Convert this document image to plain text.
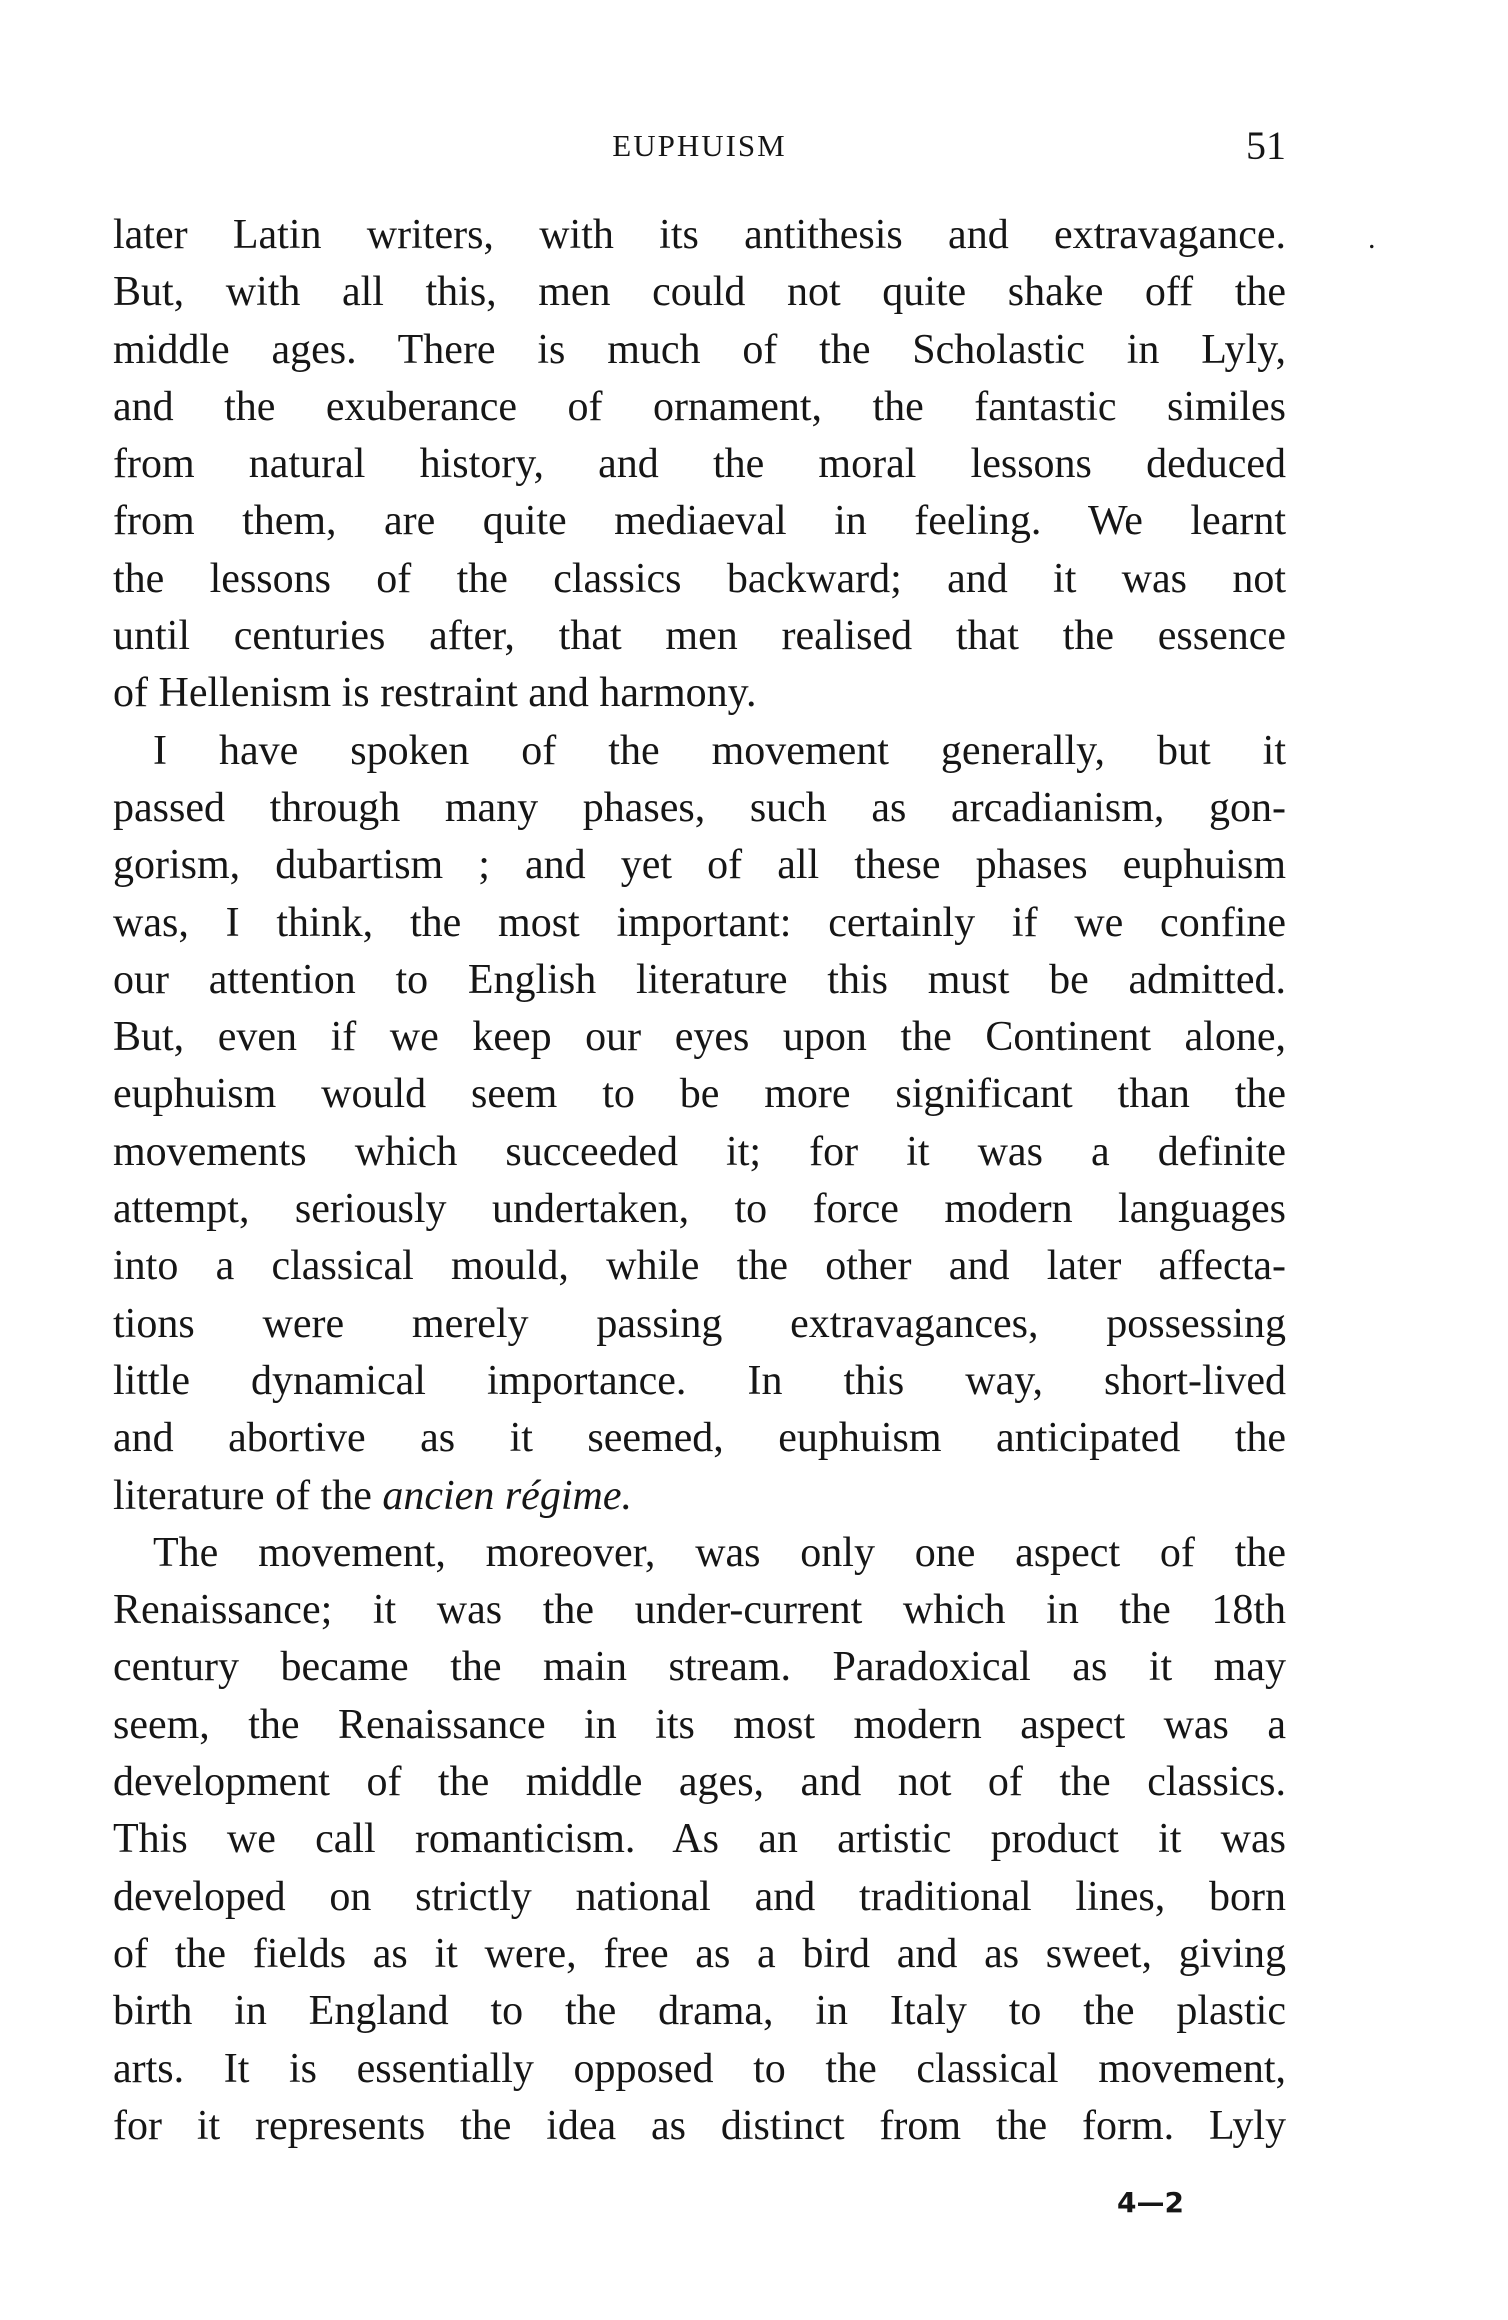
EUPHUISM	51
.
later Latin writers, with its antithesis and extravagance.
But, with all this, men could not quite shake off the
middle ages. There is much of the Scholastic in Lyly,
and the exuberance of ornament, the fantastic similes
from natural history, and the moral lessons deduced
from them, are quite mediaeval in feeling. We learnt
the lessons of the classics backward; and it was not
until centuries after, that men realised that the essence
of Hellenism is restraint and harmony.
I have spoken of the movement generally, but it
passed through many phases, such as arcadianism, gon-
gorism, dubartism ; and yet of all these phases euphuism
was, I think, the most important: certainly if we confine
our attention to English literature this must be admitted.
But, even if we keep our eyes upon the Continent alone,
euphuism would seem to be more significant than the
movements which succeeded it; for it was a definite
attempt, seriously undertaken, to force modern languages
into a classical mould, while the other and later affecta-
tions were merely passing extravagances, possessing
little dynamical importance. In this way, short-lived
and abortive as it seemed, euphuism anticipated the
literature of the ancien régime.
The movement, moreover, was only one aspect of the
Renaissance; it was the under-current which in the 18th
century became the main stream. Paradoxical as it may
seem, the Renaissance in its most modern aspect was a
development of the middle ages, and not of the classics.
This we call romanticism. As an artistic product it was
developed on strictly national and traditional lines, born
of the fields as it were, free as a bird and as sweet, giving
birth in England to the drama, in Italy to the plastic
arts. It is essentially opposed to the classical movement,
for it represents the idea as distinct from the form. Lyly
4—2
